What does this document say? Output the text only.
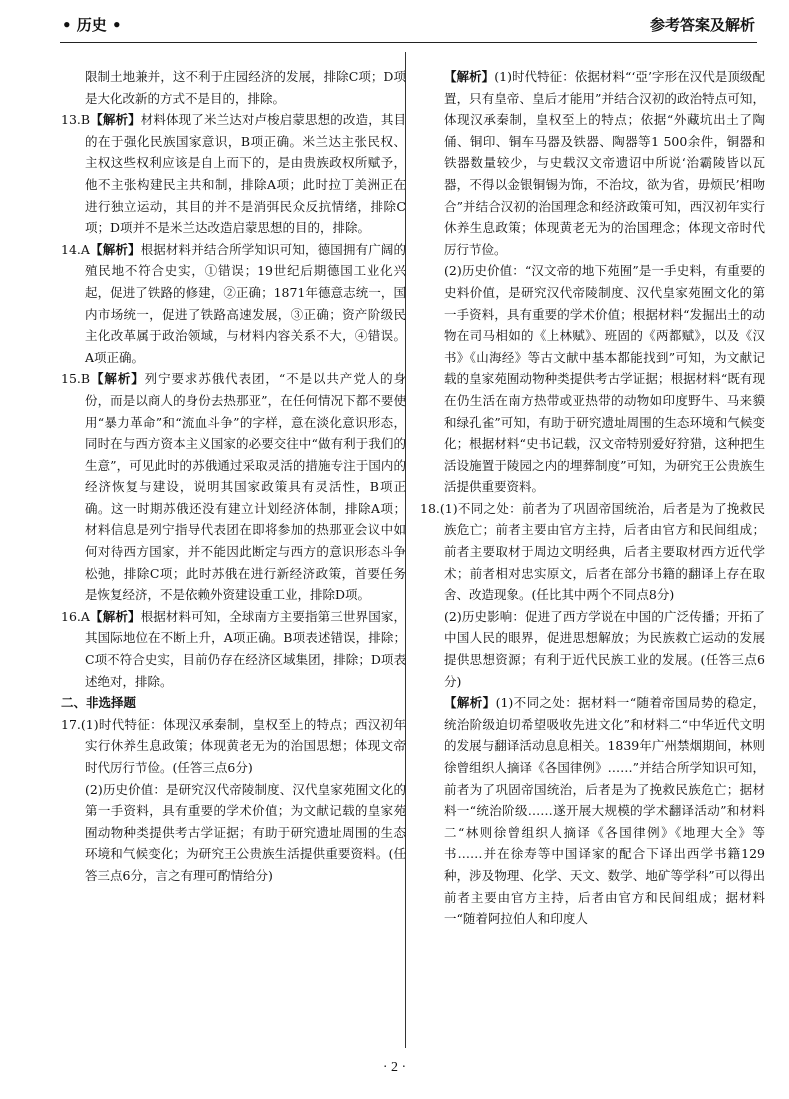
• 历史 •	参考答案及解析

限制土地兼并，这不利于庄园经济的发展，排除C项；D项是大化改新的方式不是目的，排除。

13.B【解析】材料体现了米兰达对卢梭启蒙思想的改造，其目的在于强化民族国家意识，B项正确。米兰达主张民权、主权这些权利应该是自上而下的，是由贵族政权所赋予，他不主张构建民主共和制，排除A项；此时拉丁美洲正在进行独立运动，其目的并不是消弭民众反抗情绪，排除C项；D项并不是米兰达改造启蒙思想的目的，排除。

14.A【解析】根据材料并结合所学知识可知，德国拥有广阔的殖民地不符合史实，①错误；19世纪后期德国工业化兴起，促进了铁路的修建，②正确；1871年德意志统一，国内市场统一，促进了铁路高速发展，③正确；资产阶级民主化改革属于政治领域，与材料内容关系不大，④错误。A项正确。

15.B【解析】列宁要求苏俄代表团，“不是以共产党人的身份，而是以商人的身份去热那亚”，在任何情况下都不要使用“暴力革命”和“流血斗争”的字样，意在淡化意识形态，同时在与西方资本主义国家的必要交往中“做有利于我们的生意”，可见此时的苏俄通过采取灵活的措施专注于国内的经济恢复与建设，说明其国家政策具有灵活性，B项正确。这一时期苏俄还没有建立计划经济体制，排除A项；材料信息是列宁指导代表团在即将参加的热那亚会议中如何对待西方国家，并不能因此断定与西方的意识形态斗争松弛，排除C项；此时苏俄在进行新经济政策，首要任务是恢复经济，不是依赖外资建设重工业，排除D项。

16.A【解析】根据材料可知，全球南方主要指第三世界国家，其国际地位在不断上升，A项正确。B项表述错误，排除；C项不符合史实，目前仍存在经济区域集团，排除；D项表述绝对，排除。

二、非选择题

17.(1)时代特征：体现汉承秦制，皇权至上的特点；西汉初年实行休养生息政策；体现黄老无为的治国思想；体现文帝时代厉行节俭。(任答三点6分)

(2)历史价值：是研究汉代帝陵制度、汉代皇家苑囿文化的第一手资料，具有重要的学术价值；为文献记载的皇家苑囿动物种类提供考古学证据；有助于研究遗址周围的生态环境和气候变化；为研究王公贵族生活提供重要资料。(任答三点6分，言之有理可酌情给分)

【解析】(1)时代特征：依据材料“‘亞’字形在汉代是顶级配置，只有皇帝、皇后才能用”并结合汉初的政治特点可知，体现汉承秦制，皇权至上的特点；依据“外藏坑出土了陶俑、铜印、铜车马器及铁器、陶器等1 500余件，铜器和铁器数量较少，与史载汉文帝遗诏中所说‘治霸陵皆以瓦器，不得以金银铜锡为饰，不治坟，欲为省，毋烦民’相吻合”并结合汉初的治国理念和经济政策可知，西汉初年实行休养生息政策；体现黄老无为的治国理念；体现文帝时代厉行节俭。

(2)历史价值：“汉文帝的地下苑囿”是一手史料，有重要的史料价值，是研究汉代帝陵制度、汉代皇家苑囿文化的第一手资料，具有重要的学术价值；根据材料“发掘出土的动物在司马相如的《上林赋》、班固的《两都赋》，以及《汉书》《山海经》等古文献中基本都能找到”可知，为文献记载的皇家苑囿动物种类提供考古学证据；根据材料“既有现在仍生活在南方热带或亚热带的动物如印度野牛、马来貘和绿孔雀”可知，有助于研究遗址周围的生态环境和气候变化；根据材料“史书记载，汉文帝特别爱好狩猎，这种把生活设施置于陵园之内的埋葬制度”可知，为研究王公贵族生活提供重要资料。

18.(1)不同之处：前者为了巩固帝国统治，后者是为了挽救民族危亡；前者主要由官方主持，后者由官方和民间组成；前者主要取材于周边文明经典，后者主要取材西方近代学术；前者相对忠实原文，后者在部分书籍的翻译上存在取舍、改造现象。(任比其中两个不同点8分)

(2)历史影响：促进了西方学说在中国的广泛传播；开拓了中国人民的眼界，促进思想解放；为民族救亡运动的发展提供思想资源；有利于近代民族工业的发展。(任答三点6分)

【解析】(1)不同之处：据材料一“随着帝国局势的稳定，统治阶级迫切希望吸收先进文化”和材料二“中华近代文明的发展与翻译活动息息相关。1839年广州禁烟期间，林则徐曾组织人摘译《各国律例》……”并结合所学知识可知，前者为了巩固帝国统治，后者是为了挽救民族危亡；据材料一“统治阶级……遂开展大规模的学术翻译活动”和材料二“林则徐曾组织人摘译《各国律例》《地理大全》等书……并在徐寿等中国译家的配合下译出西学书籍129种，涉及物理、化学、天文、数学、地矿等学科”可以得出前者主要由官方主持，后者由官方和民间组成；据材料一“随着阿拉伯人和印度人

· 2 ·
